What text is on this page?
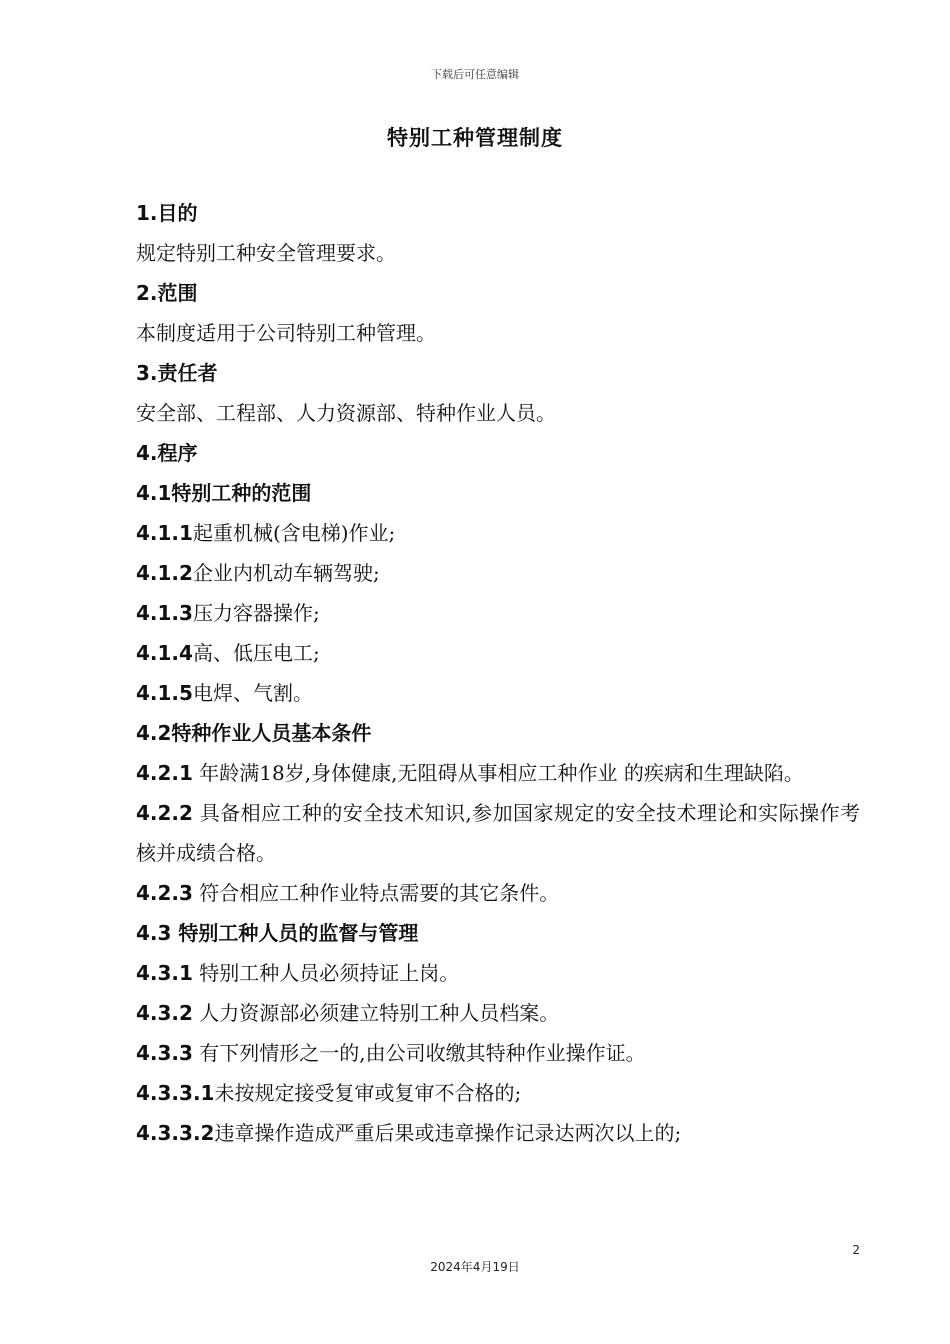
下载后可任意编辑
特别工种管理制度
1.目的
规定特别工种安全管理要求。
2.范围
本制度适用于公司特别工种管理。
3.责任者
安全部、工程部、人力资源部、特种作业人员。
4.程序
4.1特别工种的范围
4.1.1起重机械(含电梯)作业;
4.1.2企业内机动车辆驾驶;
4.1.3压力容器操作;
4.1.4高、低压电工;
4.1.5电焊、气割。
4.2特种作业人员基本条件
4.2.1 年龄满18岁,身体健康,无阻碍从事相应工种作业 的疾病和生理缺陷。
4.2.2 具备相应工种的安全技术知识,参加国家规定的安全技术理论和实际操作考核并成绩合格。
4.2.3 符合相应工种作业特点需要的其它条件。
4.3 特别工种人员的监督与管理
4.3.1 特别工种人员必须持证上岗。
4.3.2 人力资源部必须建立特别工种人员档案。
4.3.3 有下列情形之一的,由公司收缴其特种作业操作证。
4.3.3.1未按规定接受复审或复审不合格的;
4.3.3.2违章操作造成严重后果或违章操作记录达两次以上的;
2
2024年4月19日
